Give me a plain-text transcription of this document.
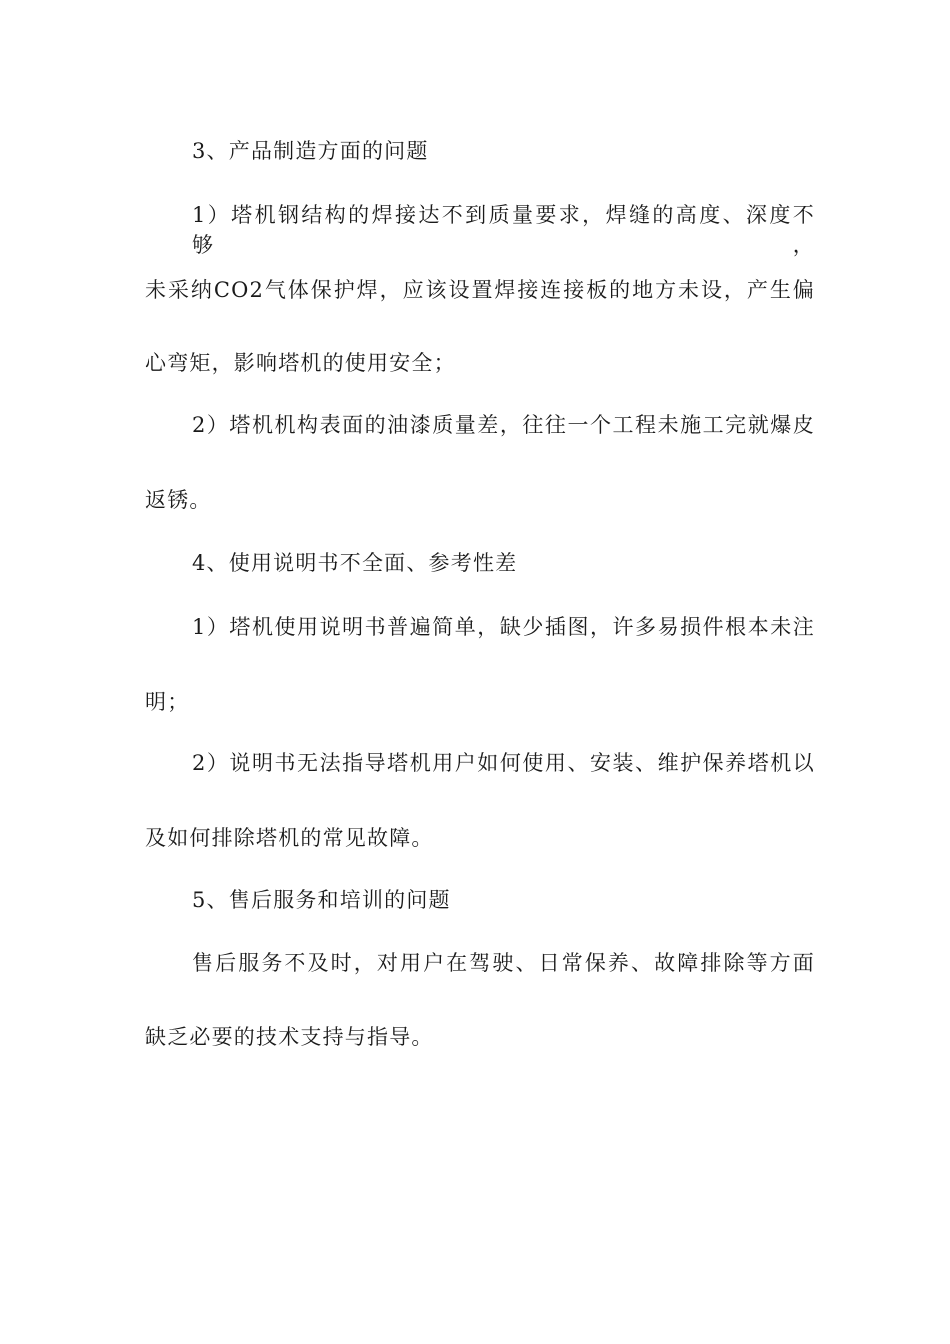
3、产品制造方面的问题
1）塔机钢结构的焊接达不到质量要求，焊缝的高度、深度不够，
未采纳CO2气体保护焊，应该设置焊接连接板的地方未设，产生偏
心弯矩，影响塔机的使用安全；
2）塔机机构表面的油漆质量差，往往一个工程未施工完就爆皮
返锈。
4、使用说明书不全面、参考性差
1）塔机使用说明书普遍简单，缺少插图，许多易损件根本未注
明；
2）说明书无法指导塔机用户如何使用、安装、维护保养塔机以
及如何排除塔机的常见故障。
5、售后服务和培训的问题
售后服务不及时，对用户在驾驶、日常保养、故障排除等方面
缺乏必要的技术支持与指导。
